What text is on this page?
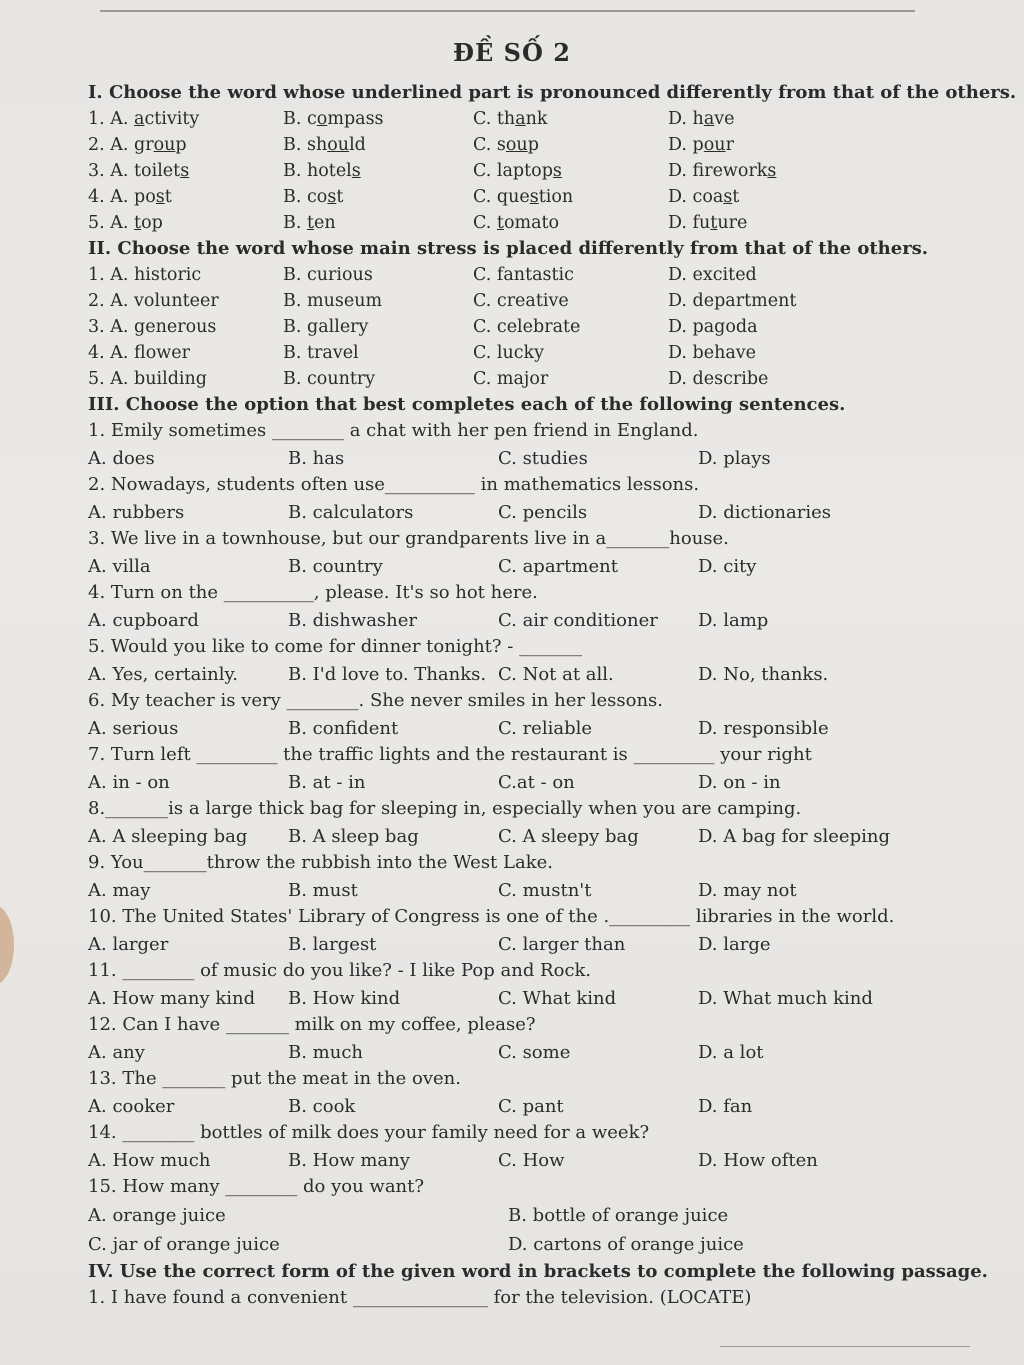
ĐỀ SỐ 2
I. Choose the word whose underlined part is pronounced differently from that of the others.
1. A. activity	B. compass	C. thank	D. have
2. A. group	B. should	C. soup	D. pour
3. A. toilets	B. hotels	C. laptops	D. fireworks
4. A. post	B. cost	C. question	D. coast
5. A. top	B. ten	C. tomato	D. future
II. Choose the word whose main stress is placed differently from that of the others.
1. A. historic	B. curious	C. fantastic	D. excited
2. A. volunteer	B. museum	C. creative	D. department
3. A. generous	B. gallery	C. celebrate	D. pagoda
4. A. flower	B. travel	C. lucky	D. behave
5. A. building	B. country	C. major	D. describe
III. Choose the option that best completes each of the following sentences.
1. Emily sometimes ________ a chat with her pen friend in England.
A. does	B. has	C. studies	D. plays
2. Nowadays, students often use__________ in mathematics lessons.
A. rubbers	B. calculators	C. pencils	D. dictionaries
3. We live in a townhouse, but our grandparents live in a_______house.
A. villa	B. country	C. apartment	D. city
4. Turn on the __________, please. It's so hot here.
A. cupboard	B. dishwasher	C. air conditioner	D. lamp
5. Would you like to come for dinner tonight? - _______
A. Yes, certainly.	B. I'd love to. Thanks. C. Not at all.	D. No, thanks.
6. My teacher is very ________. She never smiles in her lessons.
A. serious	B. confident	C. reliable	D. responsible
7. Turn left _________ the traffic lights and the restaurant is _________ your right
A. in - on	B. at - in	C.at - on	D. on - in
8._______is a large thick bag for sleeping in, especially when you are camping.
A. A sleeping bag	B. A sleep bag	C. A sleepy bag	D. A bag for sleeping
9. You_______throw the rubbish into the West Lake.
A. may	B. must	C. mustn't	D. may not
10. The United States' Library of Congress is one of the ._________ libraries in the world.
A. larger	B. largest	C. larger than	D. large
11. ________ of music do you like? - I like Pop and Rock.
A. How many kind	B. How kind	C. What kind	D. What much kind
12. Can I have _______ milk on my coffee, please?
A. any	B. much	C. some	D. a lot
13. The _______ put the meat in the oven.
A. cooker	B. cook	C. pant	D. fan
14. ________ bottles of milk does your family need for a week?
A. How much	B. How many	C. How	D. How often
15. How many ________ do you want?
A. orange juice	B. bottle of orange juice
C. jar of orange juice	D. cartons of orange juice
IV. Use the correct form of the given word in brackets to complete the following passage.
1. I have found a convenient _______________ for the television. (LOCATE)
